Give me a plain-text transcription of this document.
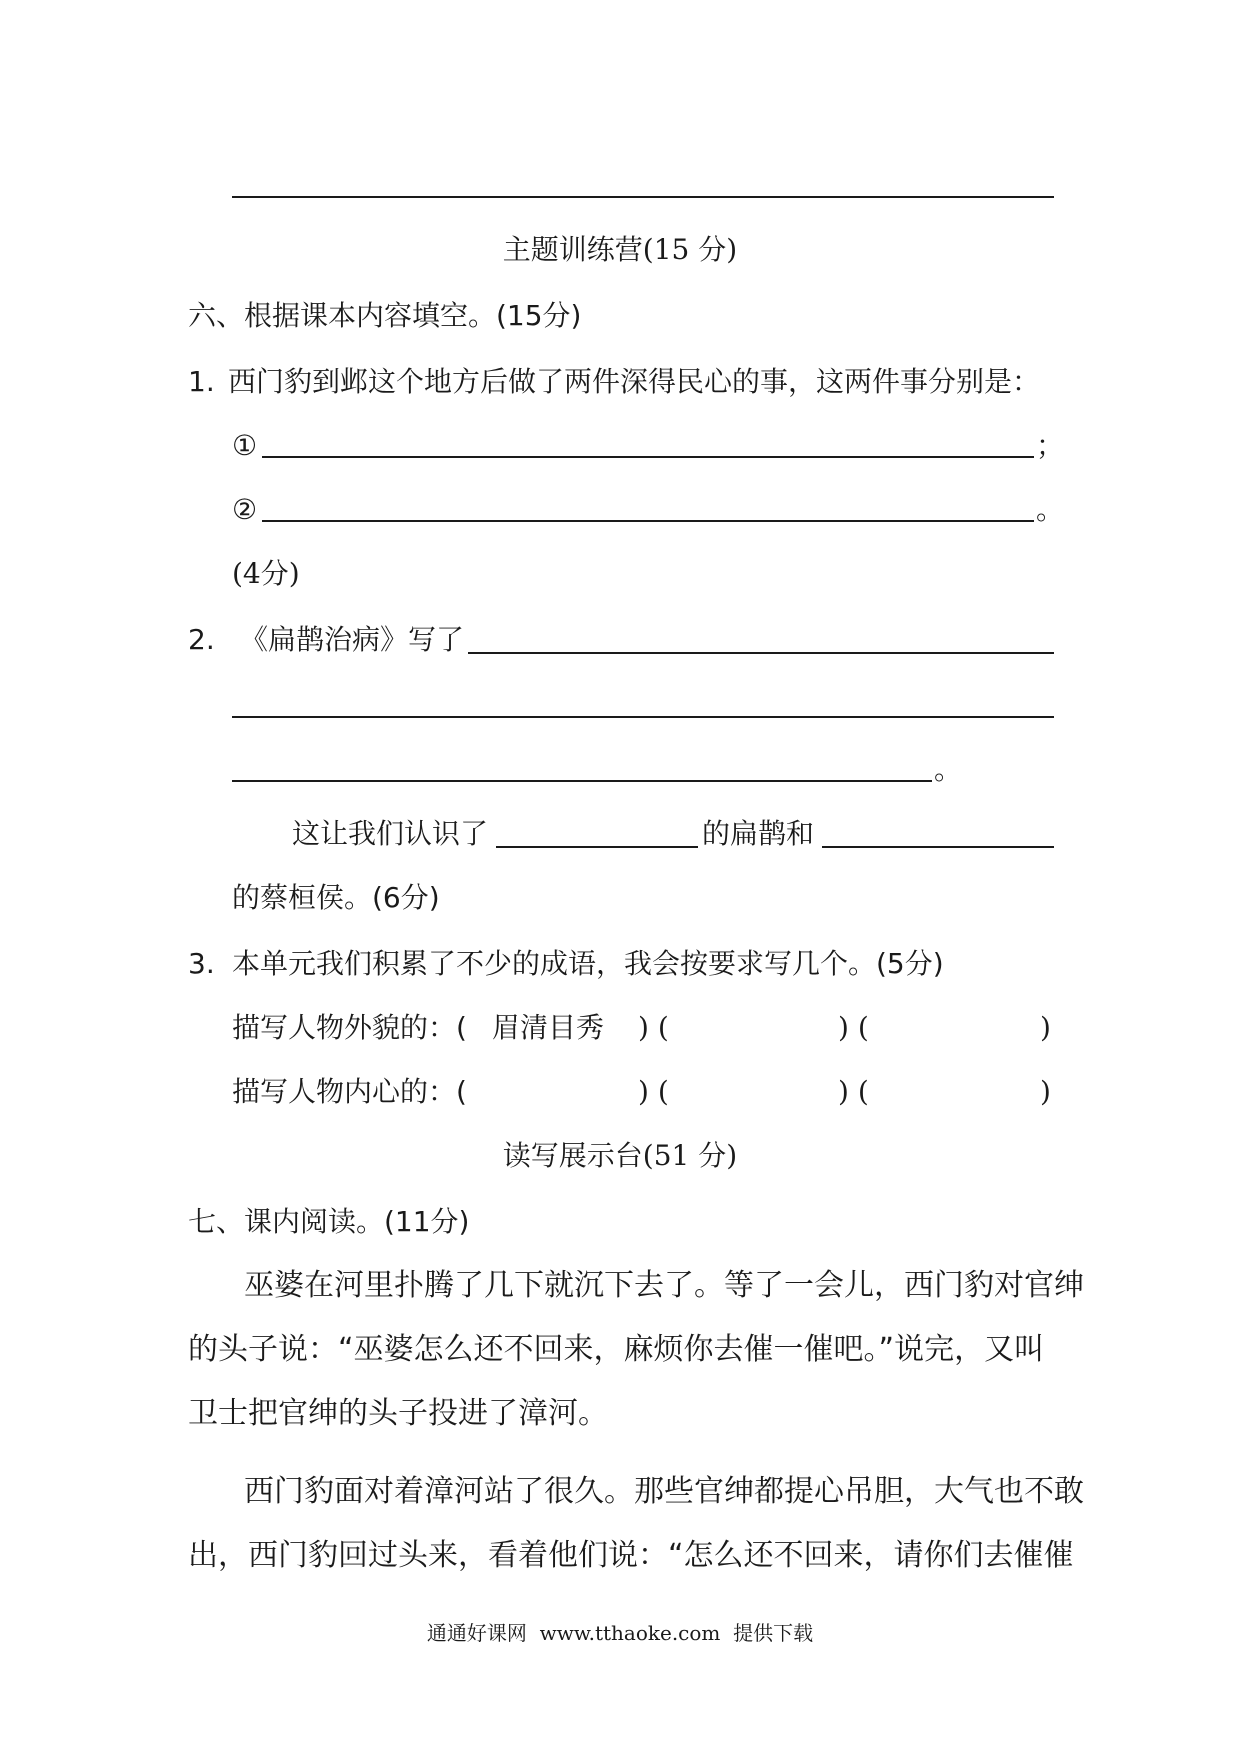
主题训练营(15 分)
六、根据课本内容填空。(15分)
1. 西门豹到邺这个地方后做了两件深得民心的事，这两件事分别是：
①	；
②	。
(4分)
2. 《扁鹊治病》写了
。
这让我们认识了	的扁鹊和
的蔡桓侯。(6分)
3. 本单元我们积累了不少的成语，我会按要求写几个。(5分)
描写人物外貌的：( 眉清目秀 ) (	) (	)
描写人物内心的：(	) (	) (	)
读写展示台(51 分)
七、课内阅读。(11分)
巫婆在河里扑腾了几下就沉下去了。等了一会儿，西门豹对官绅
的头子说：“巫婆怎么还不回来，麻烦你去催一催吧。”说完，又叫
卫士把官绅的头子投进了漳河。
西门豹面对着漳河站了很久。那些官绅都提心吊胆，大气也不敢
出，西门豹回过头来，看着他们说：“怎么还不回来，请你们去催催
通通好课网  www.tthaoke.com  提供下载
